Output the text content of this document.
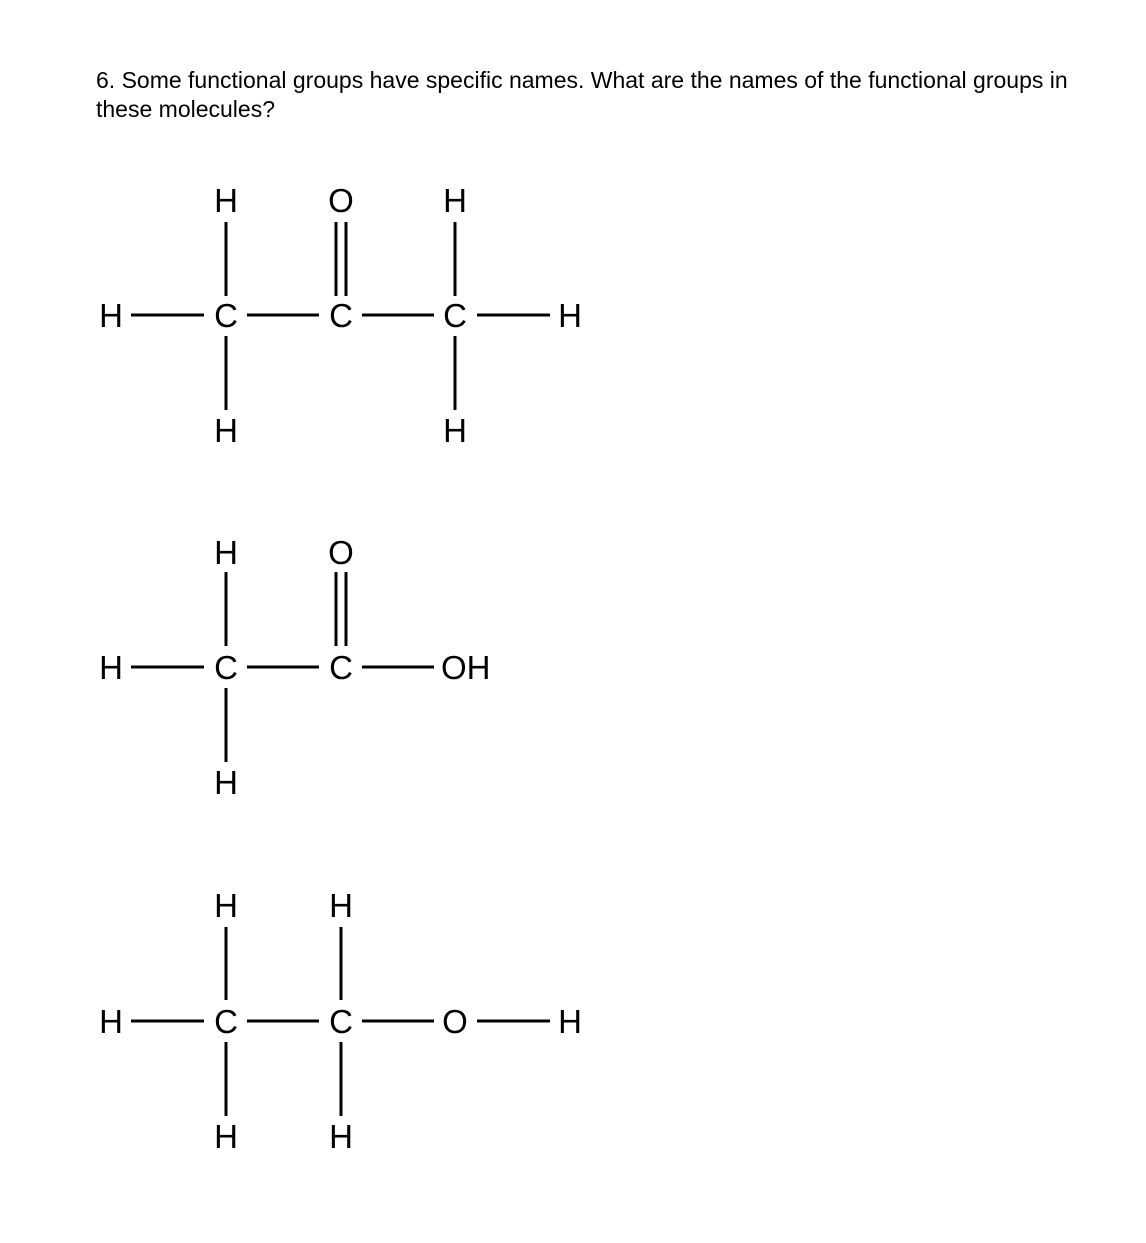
6. Some functional groups have specific names. What are the names of the functional groups in these molecules?

H	O	H
H	C	C	C	H
H	H
H	O
H	C	C	OH
H
H	H
H	C	C	O	H
H	H
